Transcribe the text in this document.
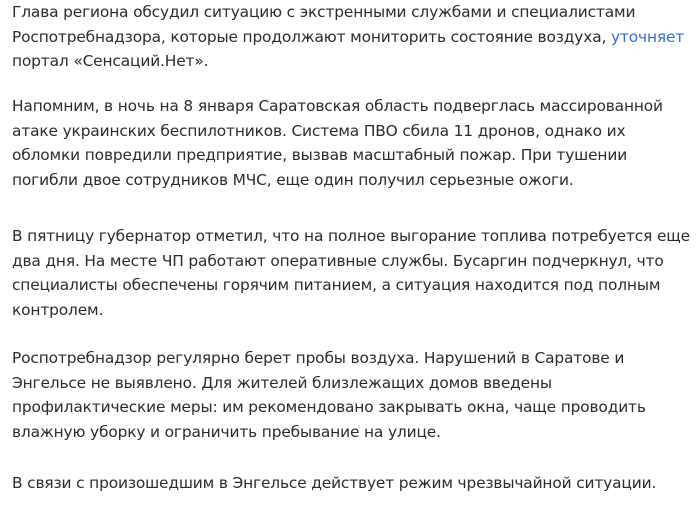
Глава региона обсудил ситуацию с экстренными службами и специалистами Роспотребнадзора, которые продолжают мониторить состояние воздуха, уточняет портал «Сенсаций.Нет».

Напомним, в ночь на 8 января Саратовская область подверглась массированной атаке украинских беспилотников. Система ПВО сбила 11 дронов, однако их обломки повредили предприятие, вызвав масштабный пожар. При тушении погибли двое сотрудников МЧС, еще один получил серьезные ожоги.

В пятницу губернатор отметил, что на полное выгорание топлива потребуется еще два дня. На месте ЧП работают оперативные службы. Бусаргин подчеркнул, что специалисты обеспечены горячим питанием, а ситуация находится под полным контролем.

Роспотребнадзор регулярно берет пробы воздуха. Нарушений в Саратове и Энгельсе не выявлено. Для жителей близлежащих домов введены профилактические меры: им рекомендовано закрывать окна, чаще проводить влажную уборку и ограничить пребывание на улице.

В связи с произошедшим в Энгельсе действует режим чрезвычайной ситуации.
